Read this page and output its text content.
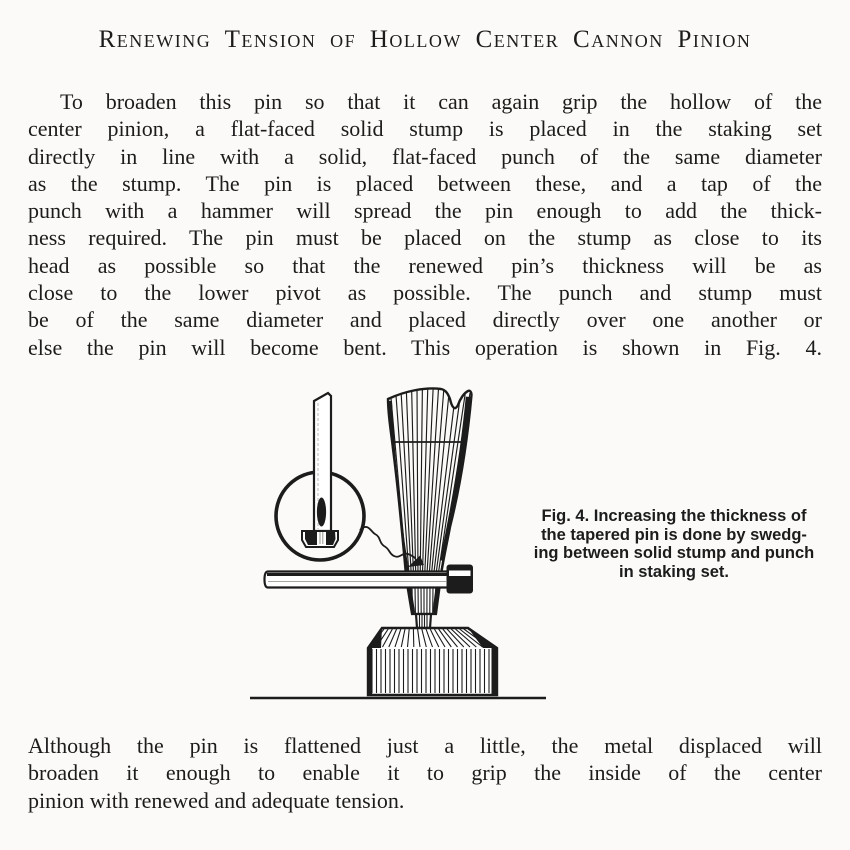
Renewing Tension of Hollow Center Cannon Pinion
To broaden this pin so that it can again grip the hollow of the
center pinion, a flat-faced solid stump is placed in the staking set
directly in line with a solid, flat-faced punch of the same diameter
as the stump. The pin is placed between these, and a tap of the
punch with a hammer will spread the pin enough to add the thick-
ness required. The pin must be placed on the stump as close to its
head as possible so that the renewed pin’s thickness will be as
close to the lower pivot as possible. The punch and stump must
be of the same diameter and placed directly over one another or
else the pin will become bent. This operation is shown in Fig. 4.
Fig. 4. Increasing the thickness of
the tapered pin is done by swedg-
ing between solid stump and punch
in staking set.
Although the pin is flattened just a little, the metal displaced will
broaden it enough to enable it to grip the inside of the center
pinion with renewed and adequate tension.
